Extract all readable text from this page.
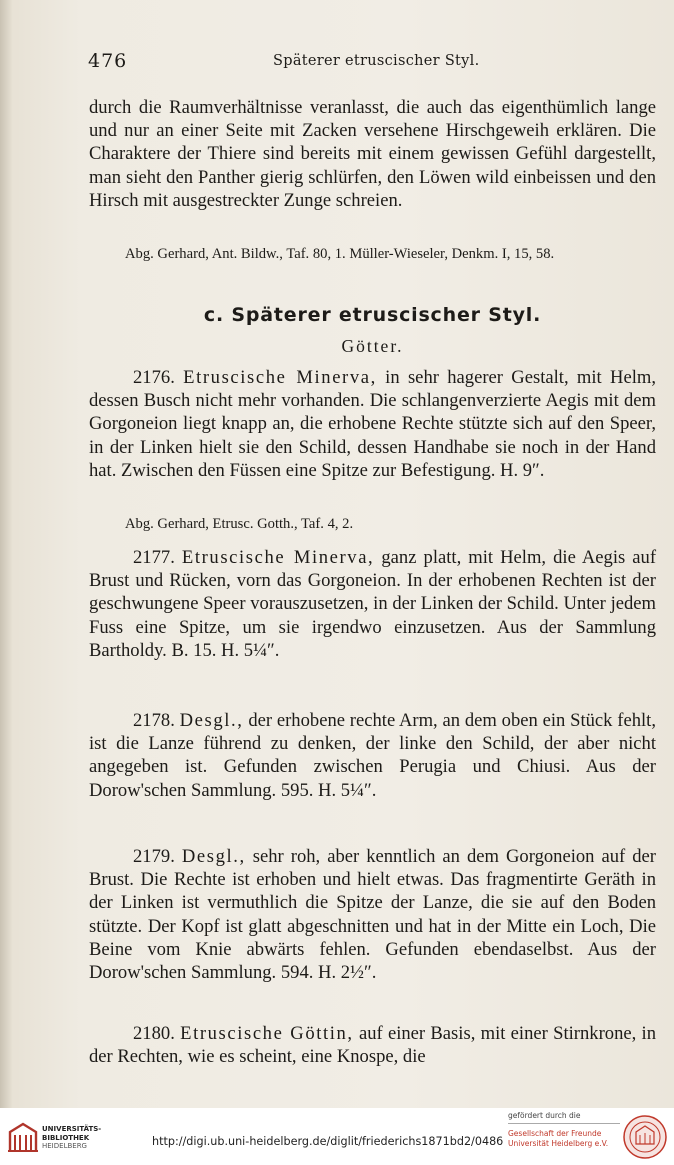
476	Späterer etruscischer Styl.
durch die Raumverhältnisse veranlasst, die auch das eigenthümlich lange und nur an einer Seite mit Zacken versehene Hirschgeweih erklären. Die Charaktere der Thiere sind bereits mit einem gewissen Gefühl dargestellt, man sieht den Panther gierig schlürfen, den Löwen wild einbeissen und den Hirsch mit ausgestreckter Zunge schreien.
Abg. Gerhard, Ant. Bildw., Taf. 80, 1. Müller-Wieseler, Denkm. I, 15, 58.
c. Späterer etruscischer Styl.
Götter.
2176. Etruscische Minerva, in sehr hagerer Gestalt, mit Helm, dessen Busch nicht mehr vorhanden. Die schlangenverzierte Aegis mit dem Gorgoneion liegt knapp an, die erhobene Rechte stützte sich auf den Speer, in der Linken hielt sie den Schild, dessen Handhabe sie noch in der Hand hat. Zwischen den Füssen eine Spitze zur Befestigung. H. 9″.
Abg. Gerhard, Etrusc. Gotth., Taf. 4, 2.
2177. Etruscische Minerva, ganz platt, mit Helm, die Aegis auf Brust und Rücken, vorn das Gorgoneion. In der erhobenen Rechten ist der geschwungene Speer vorauszusetzen, in der Linken der Schild. Unter jedem Fuss eine Spitze, um sie irgendwo einzusetzen. Aus der Sammlung Bartholdy. B. 15. H. 5¼″.
2178. Desgl., der erhobene rechte Arm, an dem oben ein Stück fehlt, ist die Lanze führend zu denken, der linke den Schild, der aber nicht angegeben ist. Gefunden zwischen Perugia und Chiusi. Aus der Dorow'schen Sammlung. 595. H. 5¼″.
2179. Desgl., sehr roh, aber kenntlich an dem Gorgoneion auf der Brust. Die Rechte ist erhoben und hielt etwas. Das fragmentirte Geräth in der Linken ist vermuthlich die Spitze der Lanze, die sie auf den Boden stützte. Der Kopf ist glatt abgeschnitten und hat in der Mitte ein Loch, Die Beine vom Knie abwärts fehlen. Gefunden ebendaselbst. Aus der Dorow'schen Sammlung. 594. H. 2½″.
2180. Etruscische Göttin, auf einer Basis, mit einer Stirnkrone, in der Rechten, wie es scheint, eine Knospe, die
UNIVERSITÄTS-
BIBLIOTHEK
HEIDELBERG	http://digi.ub.uni-heidelberg.de/diglit/friederichs1871bd2/0486
gefördert durch die
Gesellschaft der Freunde
Universität Heidelberg e.V.
